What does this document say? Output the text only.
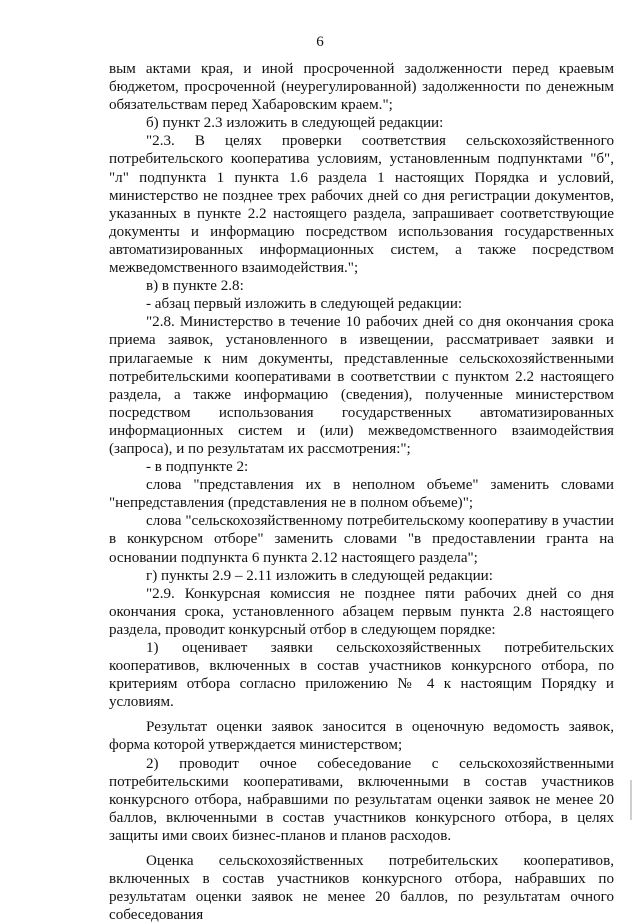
6

вым актами края, и иной просроченной задолженности перед краевым бюджетом, просроченной (неурегулированной) задолженности по денежным обязательствам перед Хабаровским краем.";

б) пункт 2.3 изложить в следующей редакции:

"2.3. В целях проверки соответствия сельскохозяйственного потребительского кооператива условиям, установленным подпунктами "б", "л" подпункта 1 пункта 1.6 раздела 1 настоящих Порядка и условий, министерство не позднее трех рабочих дней со дня регистрации документов, указанных в пункте 2.2 настоящего раздела, запрашивает соответствующие документы и информацию посредством использования государственных автоматизированных информационных систем, а также посредством межведомственного взаимодействия.";

в) в пункте 2.8:

- абзац первый изложить в следующей редакции:

"2.8. Министерство в течение 10 рабочих дней со дня окончания срока приема заявок, установленного в извещении, рассматривает заявки и прилагаемые к ним документы, представленные сельскохозяйственными потребительскими кооперативами в соответствии с пунктом 2.2 настоящего раздела, а также информацию (сведения), полученные министерством посредством использования государственных автоматизированных информационных систем и (или) межведомственного взаимодействия (запроса), и по результатам их рассмотрения:";

- в подпункте 2:

слова "представления их в неполном объеме" заменить словами "непредставления (представления не в полном объеме)";

слова "сельскохозяйственному потребительскому кооперативу в участии в конкурсном отборе" заменить словами "в предоставлении гранта на основании подпункта 6 пункта 2.12 настоящего раздела";

г) пункты 2.9 – 2.11 изложить в следующей редакции:

"2.9. Конкурсная комиссия не позднее пяти рабочих дней со дня окончания срока, установленного абзацем первым пункта 2.8 настоящего раздела, проводит конкурсный отбор в следующем порядке:

1) оценивает заявки сельскохозяйственных потребительских кооперативов, включенных в состав участников конкурсного отбора, по критериям отбора согласно приложению № 4 к настоящим Порядку и условиям.

Результат оценки заявок заносится в оценочную ведомость заявок, форма которой утверждается министерством;

2) проводит очное собеседование с сельскохозяйственными потребительскими кооперативами, включенными в состав участников конкурсного отбора, набравшими по результатам оценки заявок не менее 20 баллов, включенными в состав участников конкурсного отбора, в целях защиты ими своих бизнес-планов и планов расходов.

Оценка сельскохозяйственных потребительских кооперативов, включенных в состав участников конкурсного отбора, набравших по результатам оценки заявок не менее 20 баллов, по результатам очного собеседования
